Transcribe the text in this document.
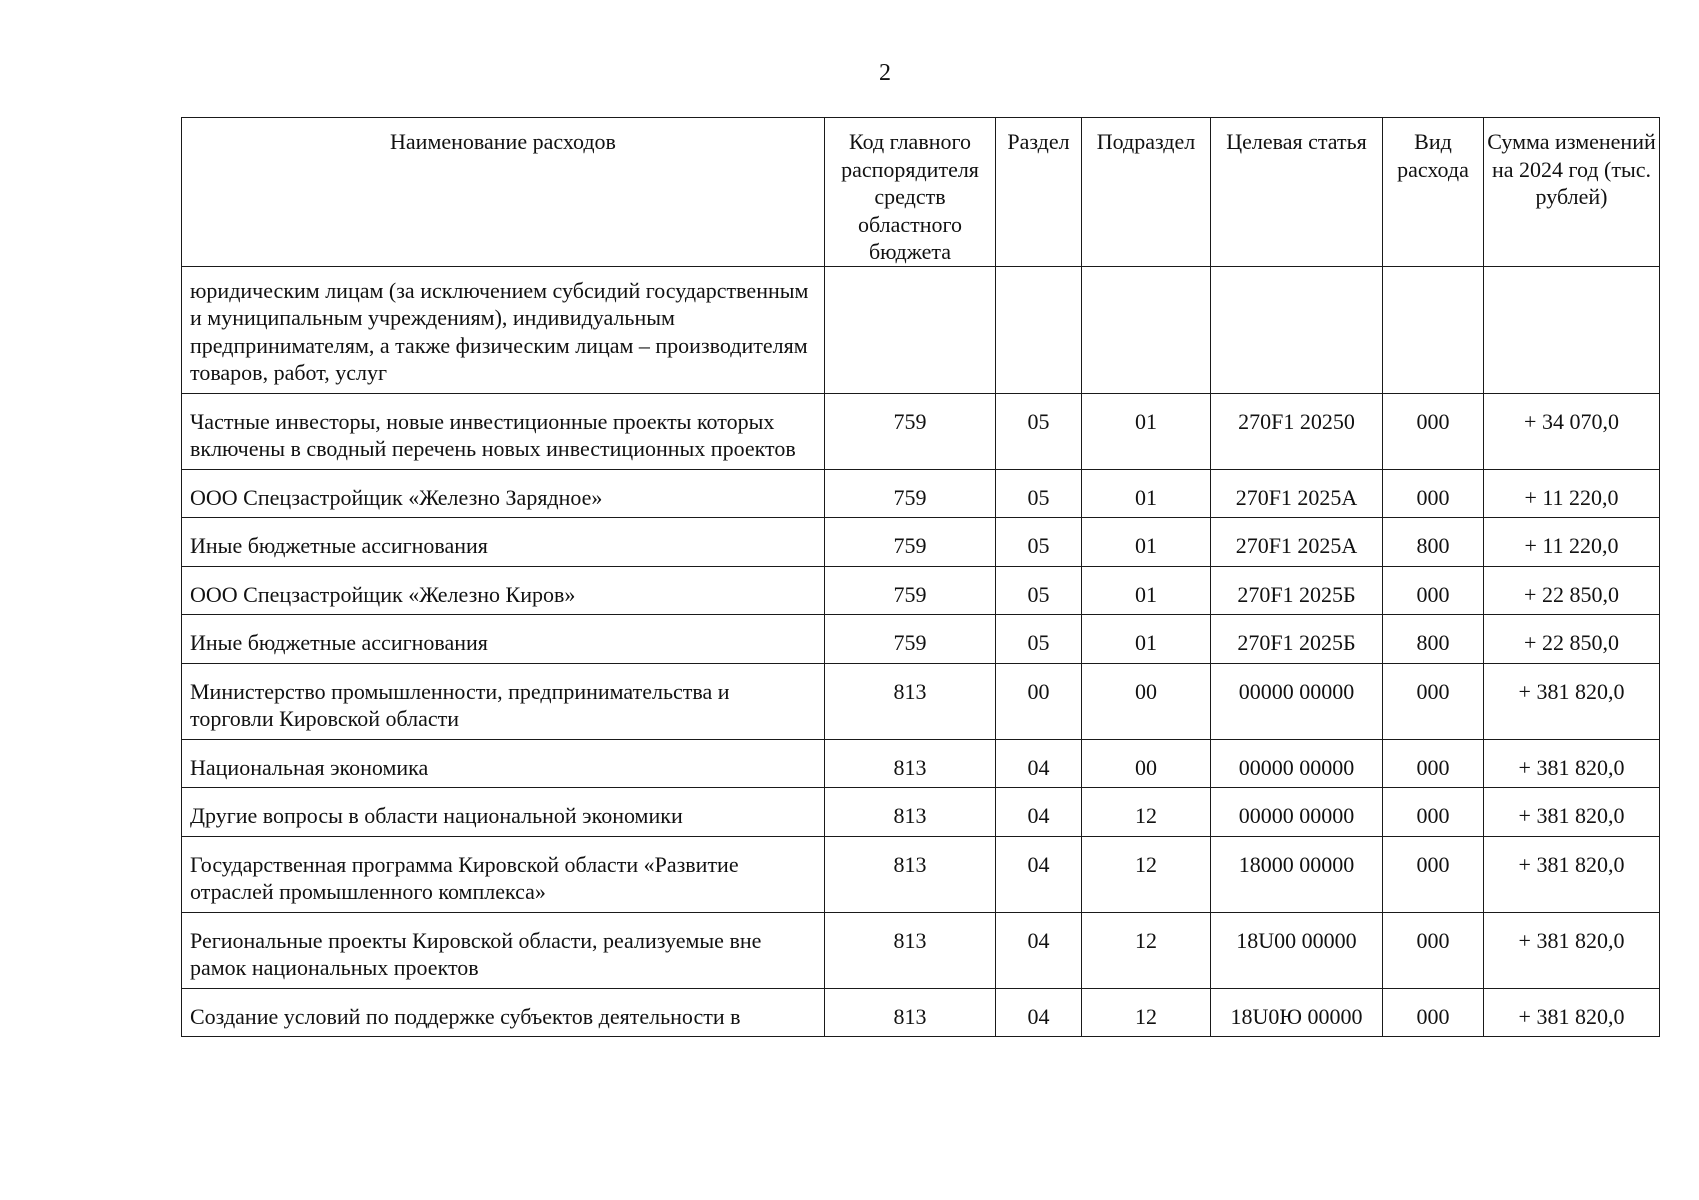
2
Наименование расходов	Код главного распорядителя средств областного бюджета	Раздел	Подраздел	Целевая статья	Вид расхода	Сумма изменений на 2024 год (тыс. рублей)
юридическим лицам (за исключением субсидий государственным и муниципальным учреждениям), индивидуальным предпринимателям, а также физическим лицам – производителям товаров, работ, услуг						
Частные инвесторы, новые инвестиционные проекты которых включены в сводный перечень новых инвестиционных проектов	759	05	01	270F1 20250	000	+ 34 070,0
ООО Спецзастройщик «Железно Зарядное»	759	05	01	270F1 2025А	000	+ 11 220,0
Иные бюджетные ассигнования	759	05	01	270F1 2025А	800	+ 11 220,0
ООО Спецзастройщик «Железно Киров»	759	05	01	270F1 2025Б	000	+ 22 850,0
Иные бюджетные ассигнования	759	05	01	270F1 2025Б	800	+ 22 850,0
Министерство промышленности, предпринимательства и торговли Кировской области	813	00	00	00000 00000	000	+ 381 820,0
Национальная экономика	813	04	00	00000 00000	000	+ 381 820,0
Другие вопросы в области национальной экономики	813	04	12	00000 00000	000	+ 381 820,0
Государственная программа Кировской области «Развитие отраслей промышленного комплекса»	813	04	12	18000 00000	000	+ 381 820,0
Региональные проекты Кировской области, реализуемые вне рамок национальных проектов	813	04	12	18U00 00000	000	+ 381 820,0
Создание условий по поддержке субъектов деятельности в	813	04	12	18U0Ю 00000	000	+ 381 820,0
